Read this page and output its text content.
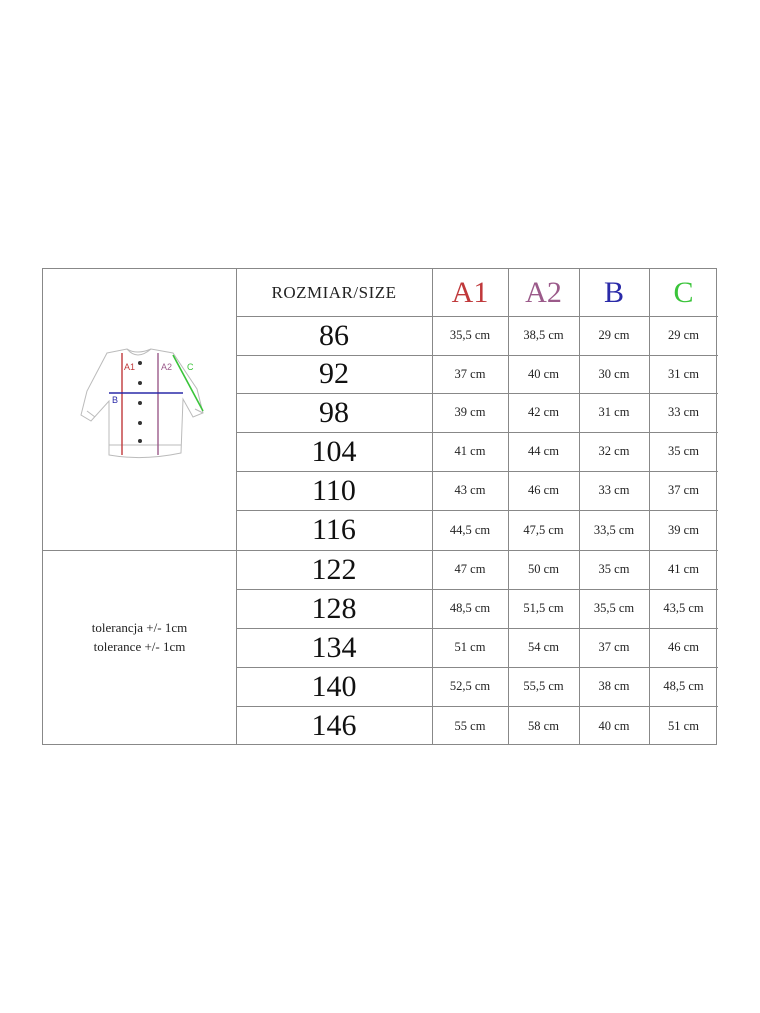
A1	A2
B
C
tolerancja +/- 1cm
tolerance +/- 1cm
ROZMIAR/SIZE	A1	A2	B	C
86	35,5 cm	38,5 cm	29 cm	29 cm
92	37 cm	40 cm	30 cm	31 cm
98	39 cm	42 cm	31 cm	33 cm
104	41 cm	44 cm	32 cm	35 cm
110	43 cm	46 cm	33 cm	37 cm
116	44,5 cm	47,5 cm	33,5 cm	39 cm
122	47 cm	50 cm	35 cm	41 cm
128	48,5 cm	51,5 cm	35,5 cm	43,5 cm
134	51 cm	54 cm	37 cm	46 cm
140	52,5 cm	55,5 cm	38 cm	48,5 cm
146	55 cm	58 cm	40 cm	51 cm
